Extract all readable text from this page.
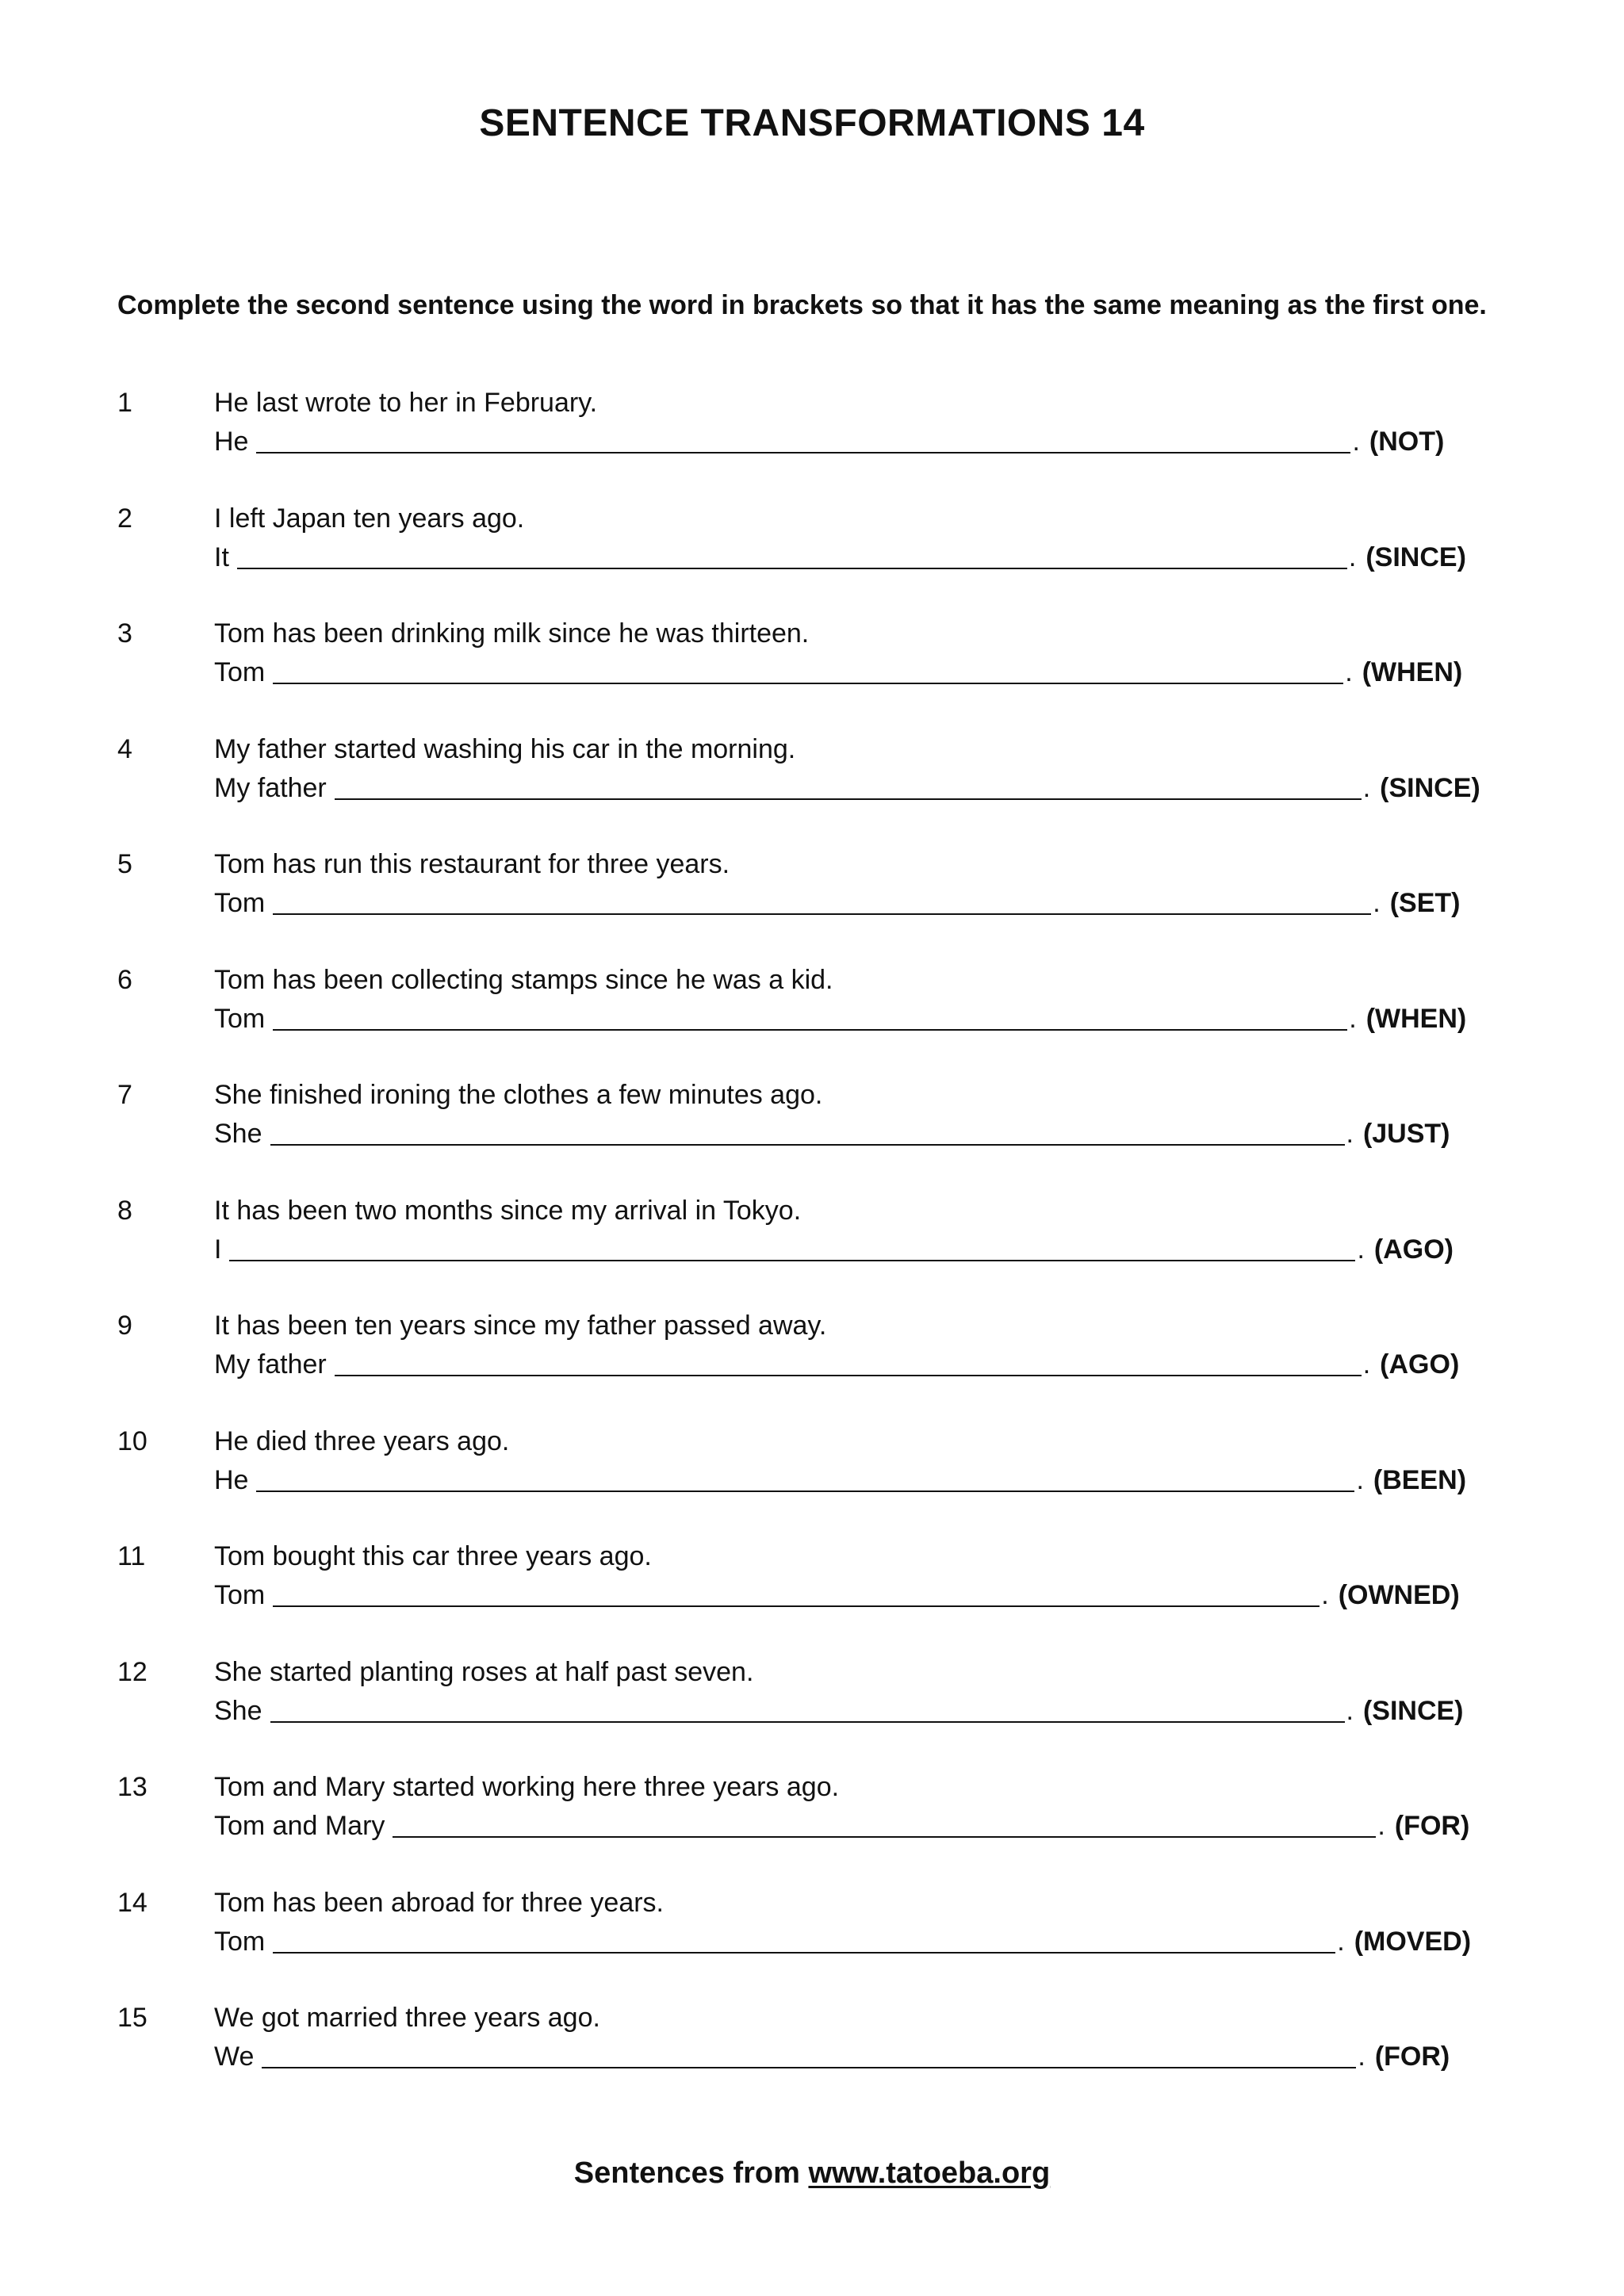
SENTENCE TRANSFORMATIONS 14
Complete the second sentence using the word in brackets so that it has the same meaning as the first one.
1	He last wrote to her in February.
He	. (NOT)
2	I left Japan ten years ago.
It	. (SINCE)
3	Tom has been drinking milk since he was thirteen.
Tom	. (WHEN)
4	My father started washing his car in the morning.
My father	. (SINCE)
5	Tom has run this restaurant for three years.
Tom	. (SET)
6	Tom has been collecting stamps since he was a kid.
Tom	. (WHEN)
7	She finished ironing the clothes a few minutes ago.
She	. (JUST)
8	It has been two months since my arrival in Tokyo.
I	. (AGO)
9	It has been ten years since my father passed away.
My father	. (AGO)
10 He died three years ago.
He	. (BEEN)
11	Tom bought this car three years ago.
Tom	. (OWNED)
12 She started planting roses at half past seven.
She	. (SINCE)
13 Tom and Mary started working here three years ago.
Tom and Mary	. (FOR)
14 Tom has been abroad for three years.
Tom	. (MOVED)
15 We got married three years ago.
We	. (FOR)
Sentences from www.tatoeba.org
